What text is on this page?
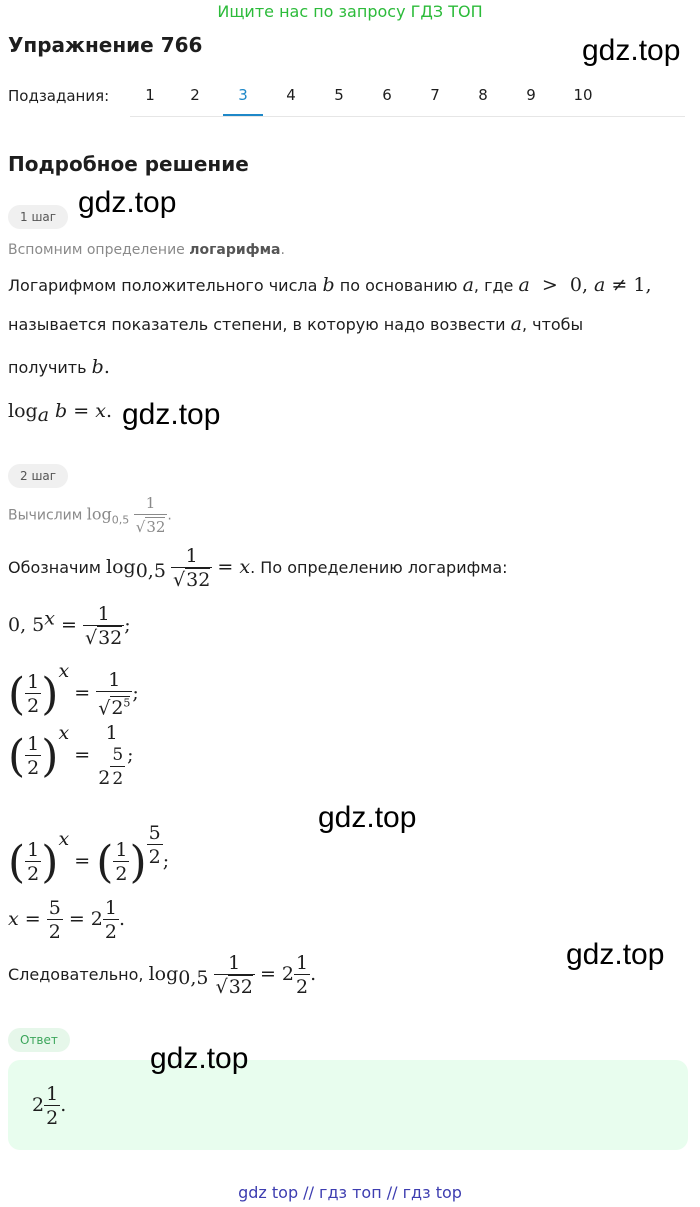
Ищите нас по запросу ГДЗ ТОП
Упражнение 766	gdz.top
Подзадания:	1	2	3	4	5	6	7	8	9	10
Подробное решение
1 шаг gdz.top
Вспомним определение логарифма.
Логарифмом положительного числа b по основанию a, где a  >  0, a ≠ 1,
называется показатель степени, в которую надо возвести a, чтобы
получить b.
$\log_a b = x$. gdz.top
2 шаг
Вычислим $\log_{0,5} \frac{1}{√32}$ .
Обозначим $\log_{0,5} \frac{1}{√32} = x$. По определению логарифма:
0, $5^x = \frac{1}{√32}$ ;
( $\frac{1}{2} )^x = \frac{1}{√2^5}$ ;
( $\frac{1}{2} )^x$ =
1
$2 \frac{5}{2}$ ;
gdz.top
( $\frac{1}{2} )^x$ = ( $\frac{1}{2}$ ) $\frac{5}{2}$ ;
$x = \frac{5}{2} = 2 \frac{1}{2}$ .
Следовательно, $\log_{0,5} \frac{1}{√32} = 2 \frac{1}{2}$ .
gdz.top
Ответ
gdz.top
$2 \frac{1}{2}$ .
gdz top // гдз топ // гдз top
